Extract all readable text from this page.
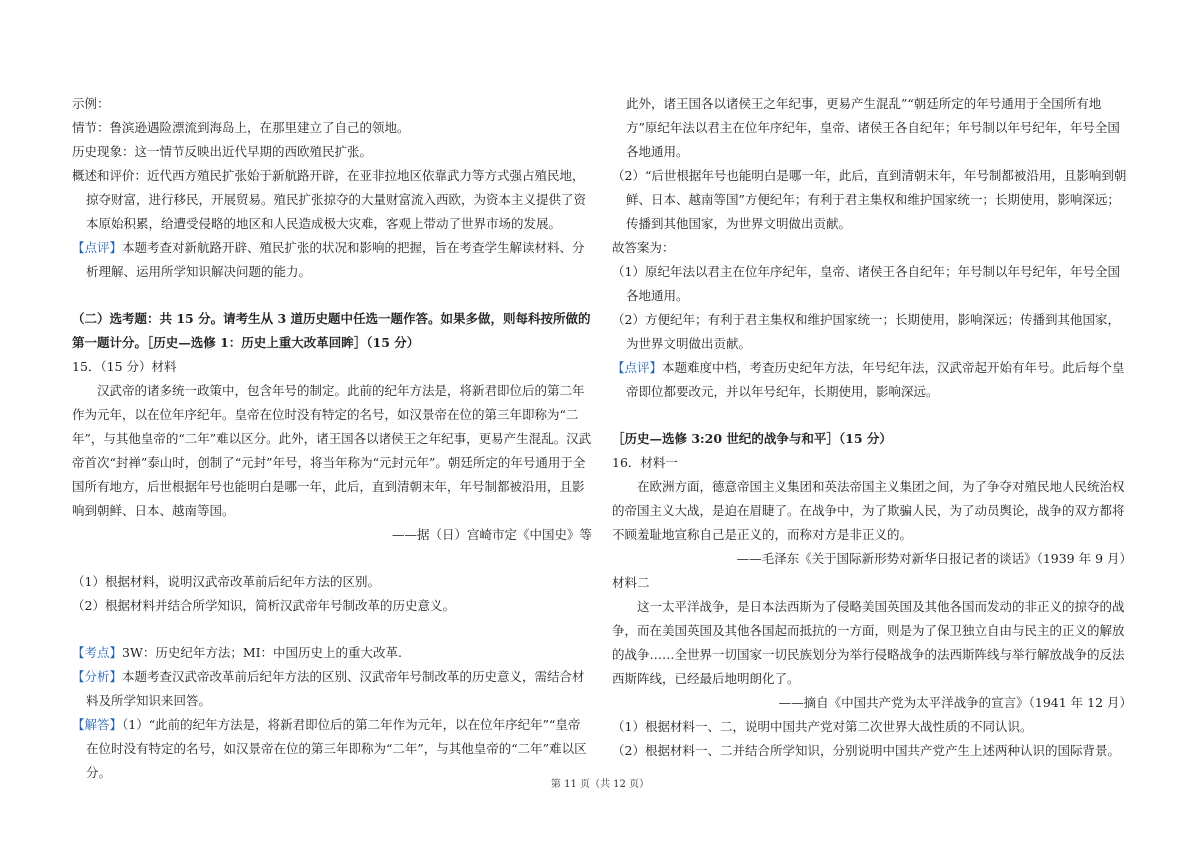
示例：

情节：鲁滨逊遇险漂流到海岛上，在那里建立了自己的领地。

历史现象：这一情节反映出近代早期的西欧殖民扩张。

概述和评价：近代西方殖民扩张始于新航路开辟，在亚非拉地区依靠武力等方式强占殖民地，掠夺财富，进行移民，开展贸易。殖民扩张掠夺的大量财富流入西欧，为资本主义提供了资本原始积累，给遭受侵略的地区和人民造成极大灾难，客观上带动了世界市场的发展。

【点评】本题考查对新航路开辟、殖民扩张的状况和影响的把握，旨在考查学生解读材料、分析理解、运用所学知识解决问题的能力。

（二）选考题：共 15 分。请考生从 3 道历史题中任选一题作答。如果多做，则每科按所做的第一题计分。［历史—选修 1：历史上重大改革回眸］（15 分）

15．（15 分）材料

汉武帝的诸多统一政策中，包含年号的制定。此前的纪年方法是，将新君即位后的第二年作为元年，以在位年序纪年。皇帝在位时没有特定的名号，如汉景帝在位的第三年即称为“二年”，与其他皇帝的“二年”难以区分。此外，诸王国各以诸侯王之年纪事，更易产生混乱。汉武帝首次“封禅”泰山时，创制了“元封”年号，将当年称为“元封元年”。朝廷所定的年号通用于全国所有地方，后世根据年号也能明白是哪一年，此后，直到清朝末年，年号制都被沿用，且影响到朝鲜、日本、越南等国。

——据（日）宫崎市定《中国史》等

（1）根据材料，说明汉武帝改革前后纪年方法的区别。

（2）根据材料并结合所学知识，简析汉武帝年号制改革的历史意义。

【考点】3W：历史纪年方法；MI：中国历史上的重大改革.

【分析】本题考查汉武帝改革前后纪年方法的区别、汉武帝年号制改革的历史意义，需结合材料及所学知识来回答。

【解答】（1）“此前的纪年方法是，将新君即位后的第二年作为元年，以在位年序纪年”“皇帝在位时没有特定的名号，如汉景帝在位的第三年即称为“二年”，与其他皇帝的“二年”难以区分。

此外，诸王国各以诸侯王之年纪事，更易产生混乱”“朝廷所定的年号通用于全国所有地方”原纪年法以君主在位年序纪年，皇帝、诸侯王各自纪年；年号制以年号纪年，年号全国各地通用。

（2）“后世根据年号也能明白是哪一年，此后，直到清朝末年，年号制都被沿用，且影响到朝鲜、日本、越南等国”方便纪年；有利于君主集权和维护国家统一；长期使用，影响深远；传播到其他国家，为世界文明做出贡献。

故答案为：

（1）原纪年法以君主在位年序纪年，皇帝、诸侯王各自纪年；年号制以年号纪年，年号全国各地通用。

（2）方便纪年；有利于君主集权和维护国家统一；长期使用，影响深远；传播到其他国家，为世界文明做出贡献。

【点评】本题难度中档，考查历史纪年方法，年号纪年法，汉武帝起开始有年号。此后每个皇帝即位都要改元，并以年号纪年，长期使用，影响深远。

［历史—选修 3:20 世纪的战争与和平］（15 分）

16．材料一

在欧洲方面，德意帝国主义集团和英法帝国主义集团之间，为了争夺对殖民地人民统治权的帝国主义大战，是迫在眉睫了。在战争中，为了欺骗人民，为了动员舆论，战争的双方都将不顾羞耻地宣称自己是正义的，而称对方是非正义的。

——毛泽东《关于国际新形势对新华日报记者的谈话》（1939 年 9 月）

材料二

这一太平洋战争，是日本法西斯为了侵略美国英国及其他各国而发动的非正义的掠夺的战争，而在美国英国及其他各国起而抵抗的一方面，则是为了保卫独立自由与民主的正义的解放的战争……全世界一切国家一切民族划分为举行侵略战争的法西斯阵线与举行解放战争的反法西斯阵线，已经最后地明朗化了。

——摘自《中国共产党为太平洋战争的宣言》（1941 年 12 月）

（1）根据材料一、二，说明中国共产党对第二次世界大战性质的不同认识。

（2）根据材料一、二并结合所学知识，分别说明中国共产党产生上述两种认识的国际背景。

第 11 页（共 12 页）
